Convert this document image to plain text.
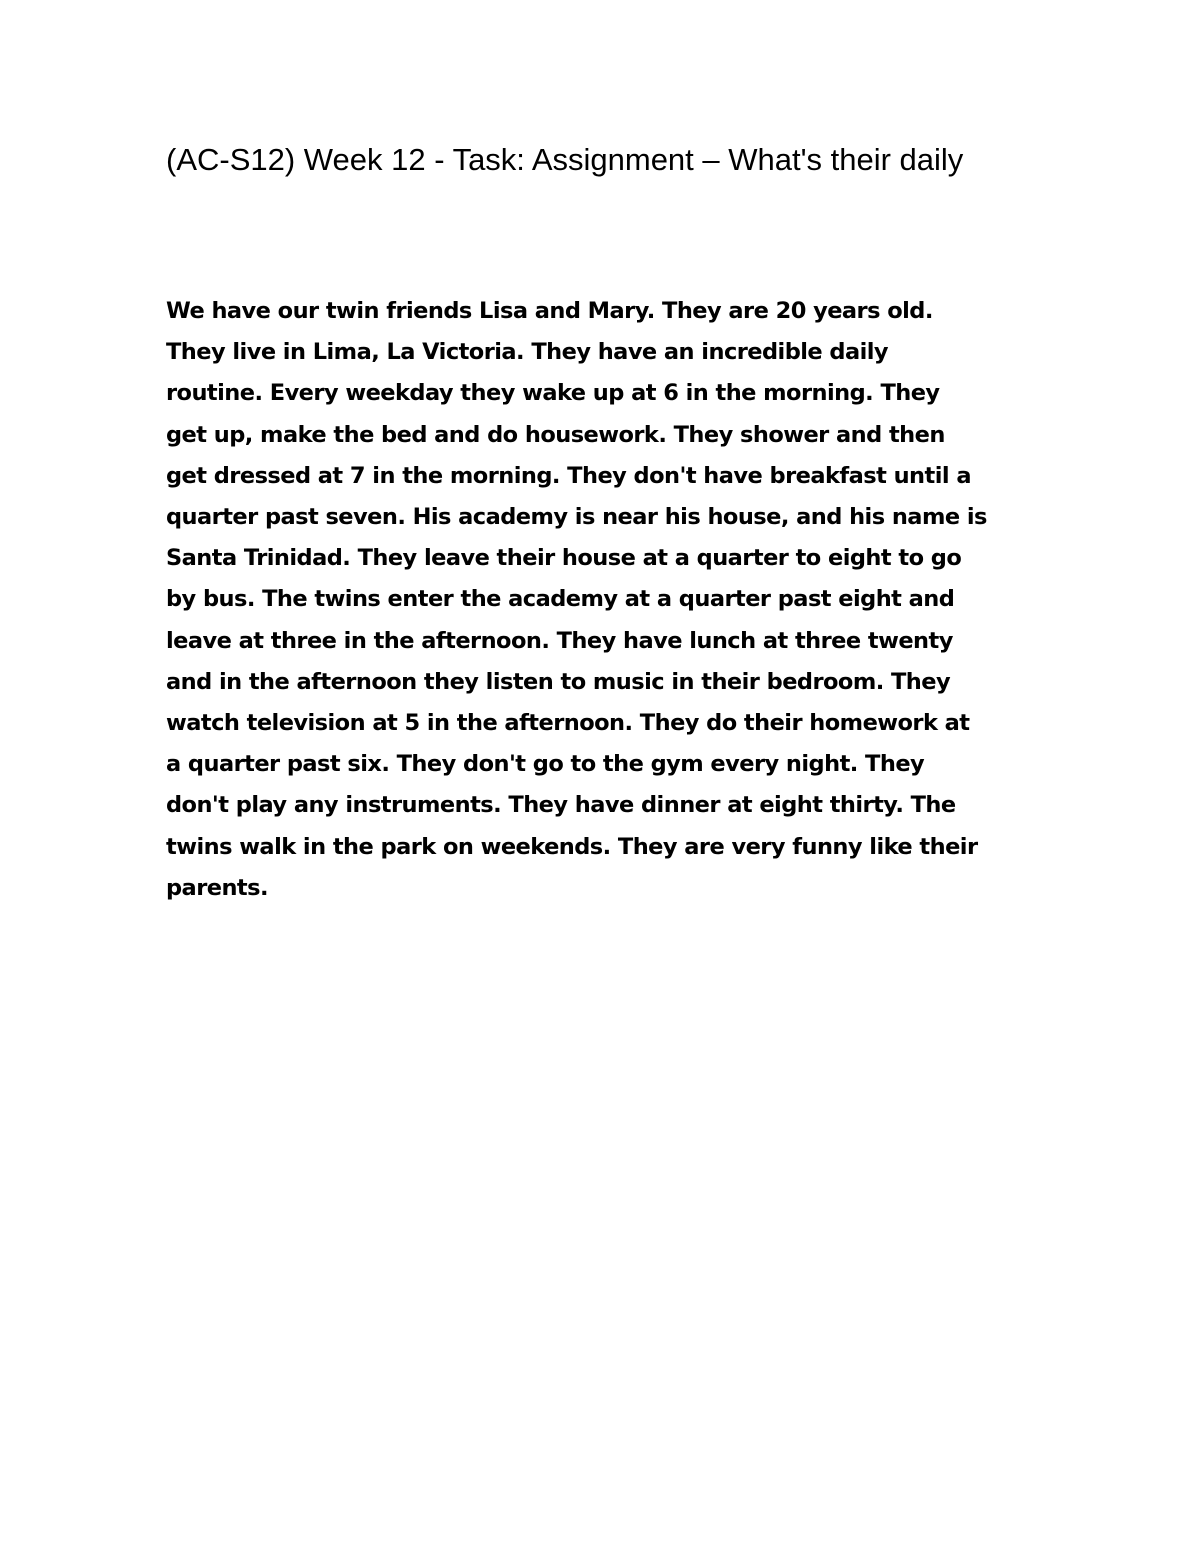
(AC-S12) Week 12 - Task: Assignment – What's their daily
We have our twin friends Lisa and Mary. They are 20 years old.
They live in Lima, La Victoria. They have an incredible daily
routine. Every weekday they wake up at 6 in the morning. They
get up, make the bed and do housework. They shower and then
get dressed at 7 in the morning. They don't have breakfast until a
quarter past seven. His academy is near his house, and his name is
Santa Trinidad. They leave their house at a quarter to eight to go
by bus. The twins enter the academy at a quarter past eight and
leave at three in the afternoon. They have lunch at three twenty
and in the afternoon they listen to music in their bedroom. They
watch television at 5 in the afternoon. They do their homework at
a quarter past six. They don't go to the gym every night. They
don't play any instruments. They have dinner at eight thirty. The
twins walk in the park on weekends. They are very funny like their
parents.
